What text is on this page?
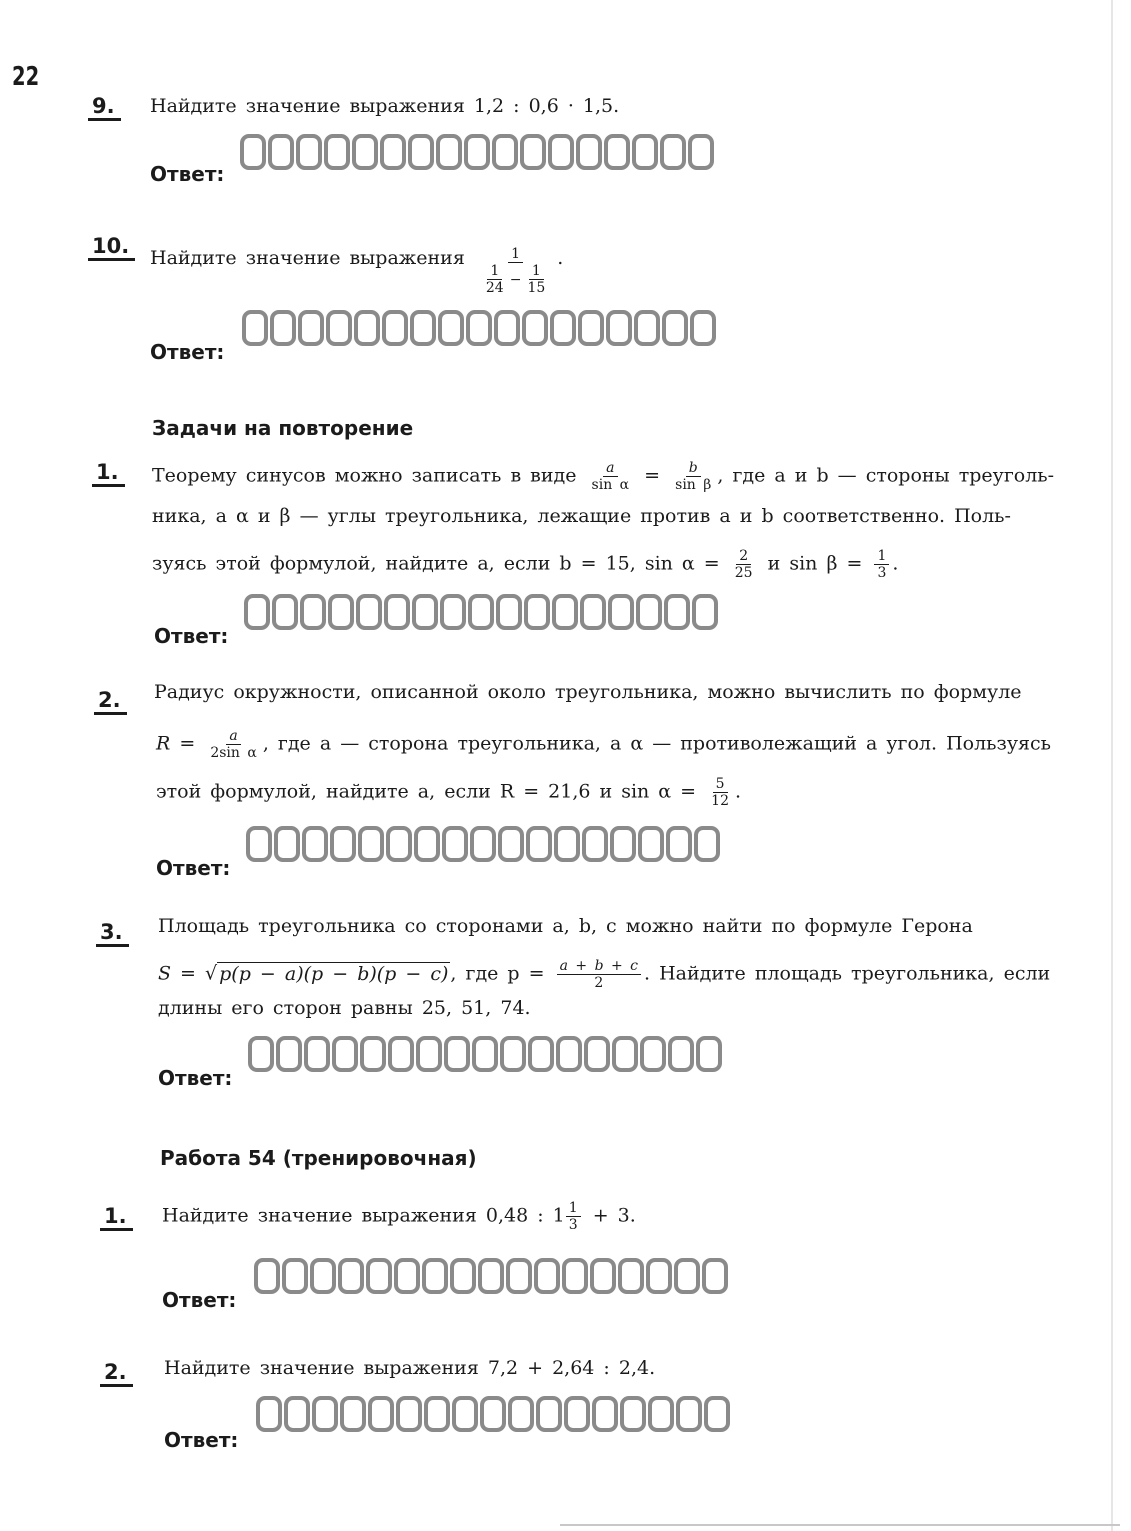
22
9.	Найдите значение выражения 1,2 : 0,6 · 1,5.
Ответ:
10.	Найдите значение выражения $\frac{1}{\frac{1}{24} - \frac{1}{15}}$ .
Ответ:
Задачи на повторение
1.	Теорему синусов можно записать в виде $\frac{a}{\text{sin α}} = \frac{b}{\text{sin β}}$ , где a и b — стороны треуголь-
ника, а α и β — углы треугольника, лежащие против a и b соответственно. Поль-
зуясь этой формулой, найдите a, если b = 15, $\sin \alpha = \frac{2}{25}$ и $\sin \beta = \frac{1}{3}$ .
Ответ:
2.	Радиус окружности, описанной около треугольника, можно вычислить по формуле
$R = \frac{a}{\text{2sin α}}$ , где a — сторона треугольника, а α — противолежащий a угол. Пользуясь
этой формулой, найдите a, если R = 21,6 и $\sin \alpha = \frac{5}{12}$ .
Ответ:
3.	Площадь треугольника со сторонами a, b, c можно найти по формуле Герона
S = √ p(p − a)(p − b)(p − c) , где $p = \frac{a + b + c}{2}$ . Найдите площадь треугольника, если
длины его сторон равны 25, 51, 74.
Ответ:
Работа 54 (тренировочная)
1.	Найдите значение выражения 0,48 : $1 \frac{1}{3} + 3$.
Ответ:
2.	Найдите значение выражения 7,2 + 2,64 : 2,4.
Ответ:
